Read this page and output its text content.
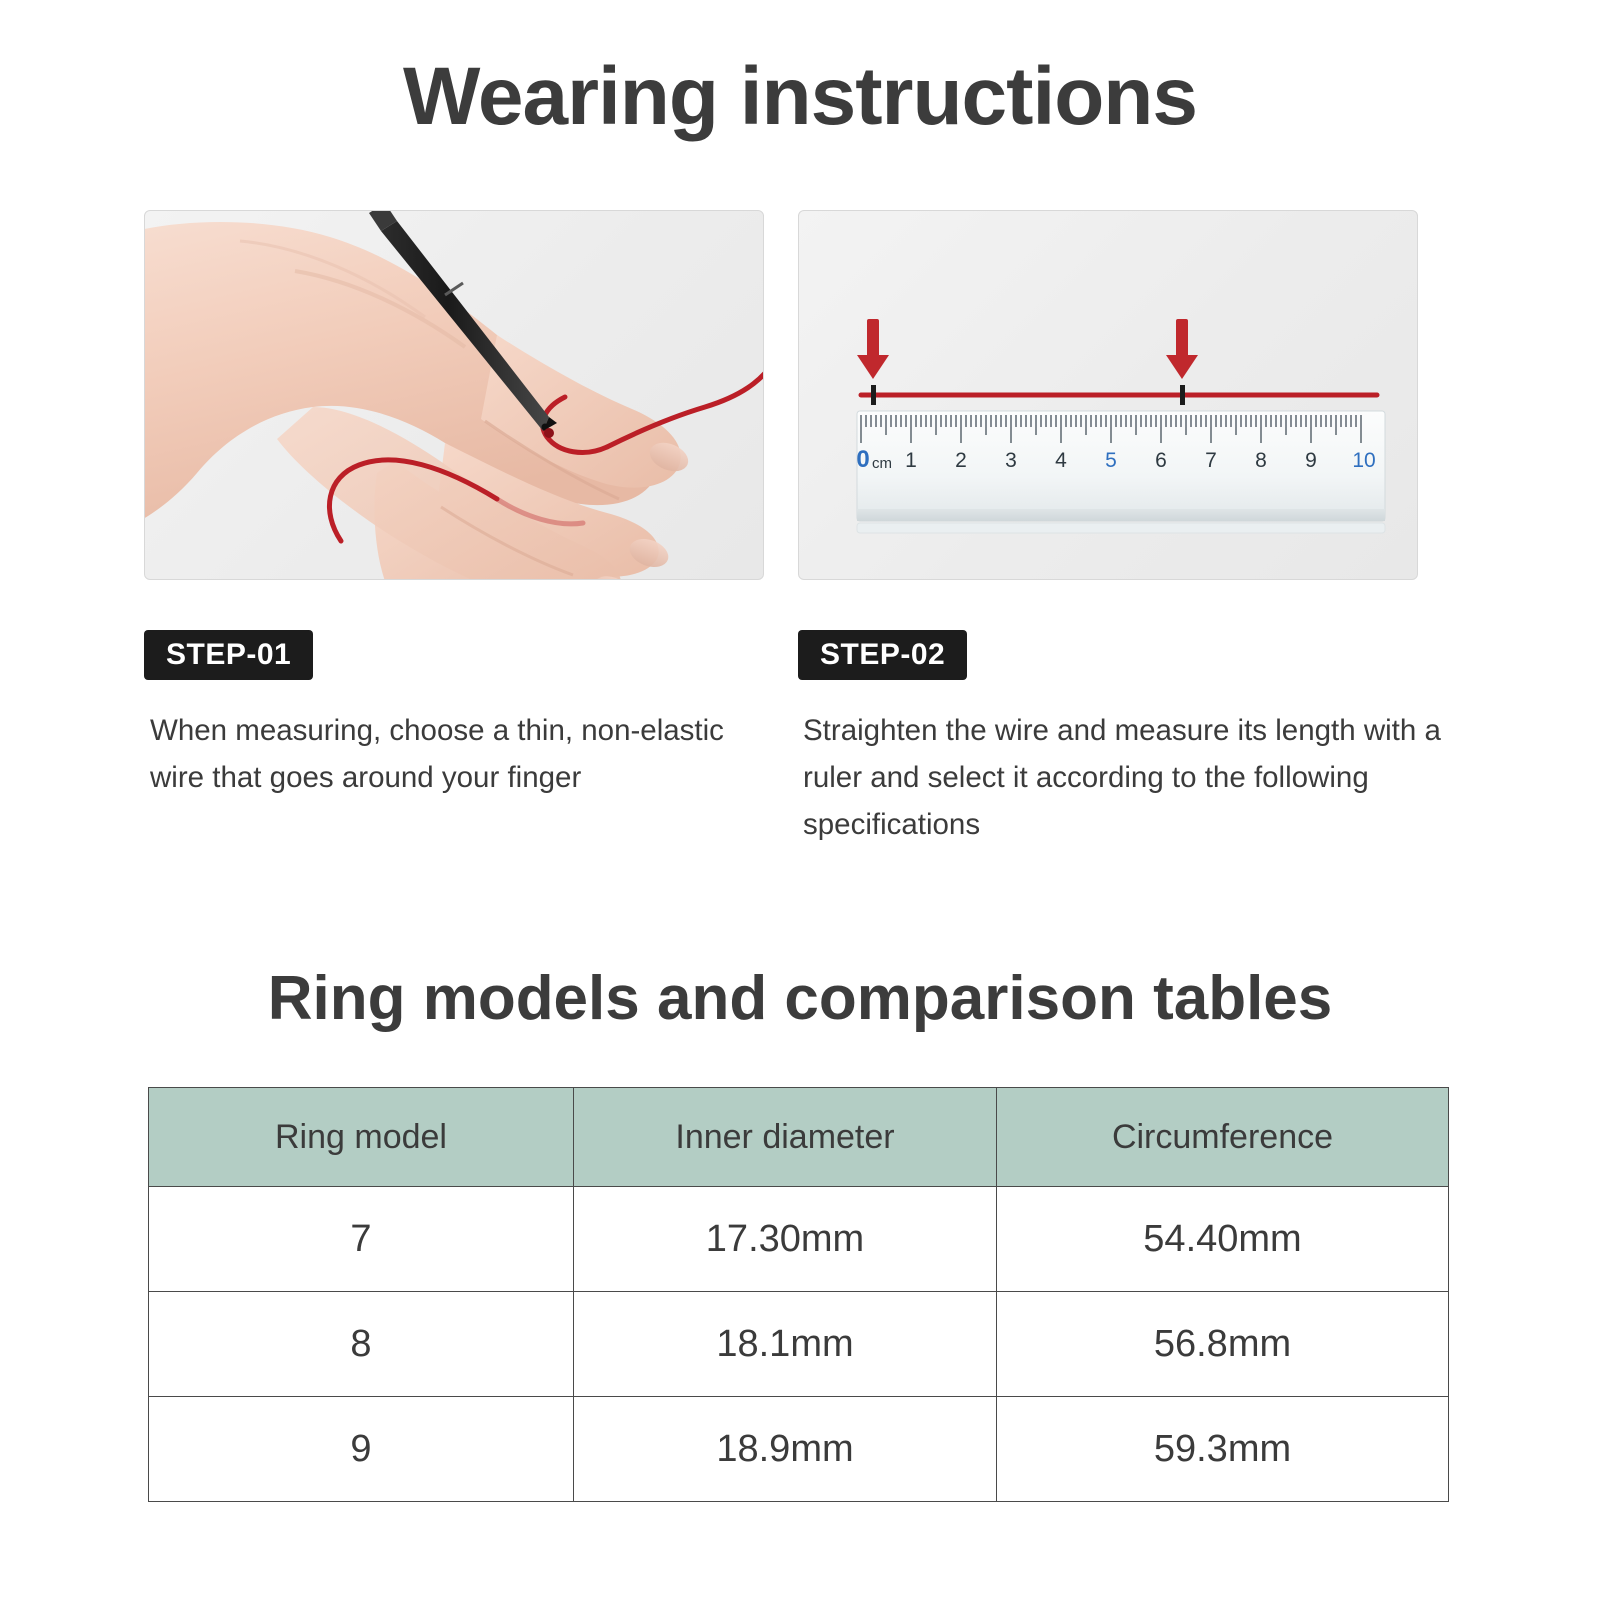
Wearing instructions
0 cm 1 2 3 4 5 6 7 8 9 10
STEP-01	STEP-02
When measuring, choose a thin, non-elastic wire that goes around your finger
Straighten the wire and measure its length with a ruler and select it according to the following specifications
Ring models and comparison tables
Ring model	Inner diameter	Circumference
7	17.30mm	54.40mm
8	18.1mm	56.8mm
9	18.9mm	59.3mm
